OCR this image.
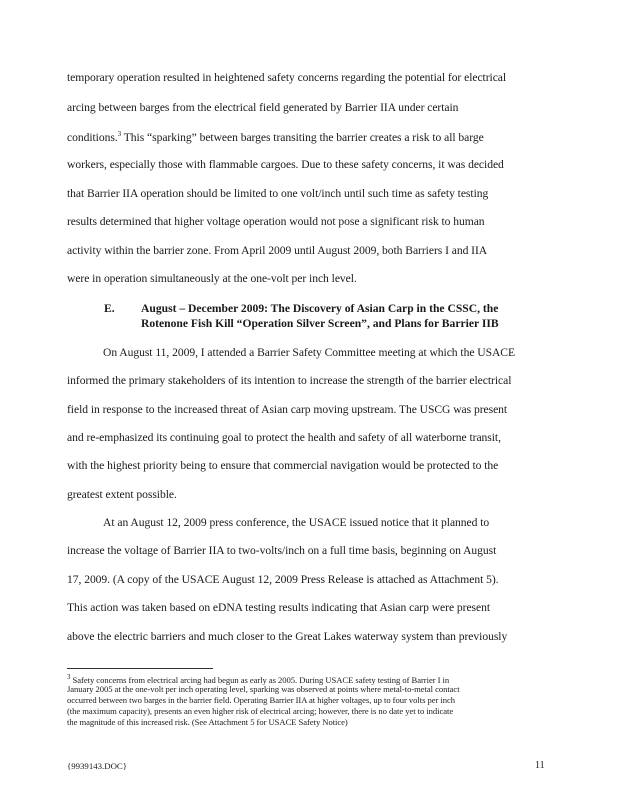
temporary operation resulted in heightened safety concerns regarding the potential for electrical
arcing between barges from the electrical field generated by Barrier IIA under certain
conditions.$^3$ This “sparking” between barges transiting the barrier creates a risk to all barge
workers, especially those with flammable cargoes. Due to these safety concerns, it was decided
that Barrier IIA operation should be limited to one volt/inch until such time as safety testing
results determined that higher voltage operation would not pose a significant risk to human
activity within the barrier zone. From April 2009 until August 2009, both Barriers I and IIA
were in operation simultaneously at the one-volt per inch level.
E. August – December 2009: The Discovery of Asian Carp in the CSSC, the
Rotenone Fish Kill “Operation Silver Screen”, and Plans for Barrier IIB
On August 11, 2009, I attended a Barrier Safety Committee meeting at which the USACE
informed the primary stakeholders of its intention to increase the strength of the barrier electrical
field in response to the increased threat of Asian carp moving upstream. The USCG was present
and re-emphasized its continuing goal to protect the health and safety of all waterborne transit,
with the highest priority being to ensure that commercial navigation would be protected to the
greatest extent possible.
At an August 12, 2009 press conference, the USACE issued notice that it planned to
increase the voltage of Barrier IIA to two-volts/inch on a full time basis, beginning on August
17, 2009. (A copy of the USACE August 12, 2009 Press Release is attached as Attachment 5).
This action was taken based on eDNA testing results indicating that Asian carp were present
above the electric barriers and much closer to the Great Lakes waterway system than previously
$^3$ Safety concerns from electrical arcing had begun as early as 2005. During USACE safety testing of Barrier I in
January 2005 at the one-volt per inch operating level, sparking was observed at points where metal-to-metal contact
occurred between two barges in the barrier field. Operating Barrier IIA at higher voltages, up to four volts per inch
(the maximum capacity), presents an even higher risk of electrical arcing; however, there is no date yet to indicate
the magnitude of this increased risk. (See Attachment 5 for USACE Safety Notice)
{9939143.DOC}	11
